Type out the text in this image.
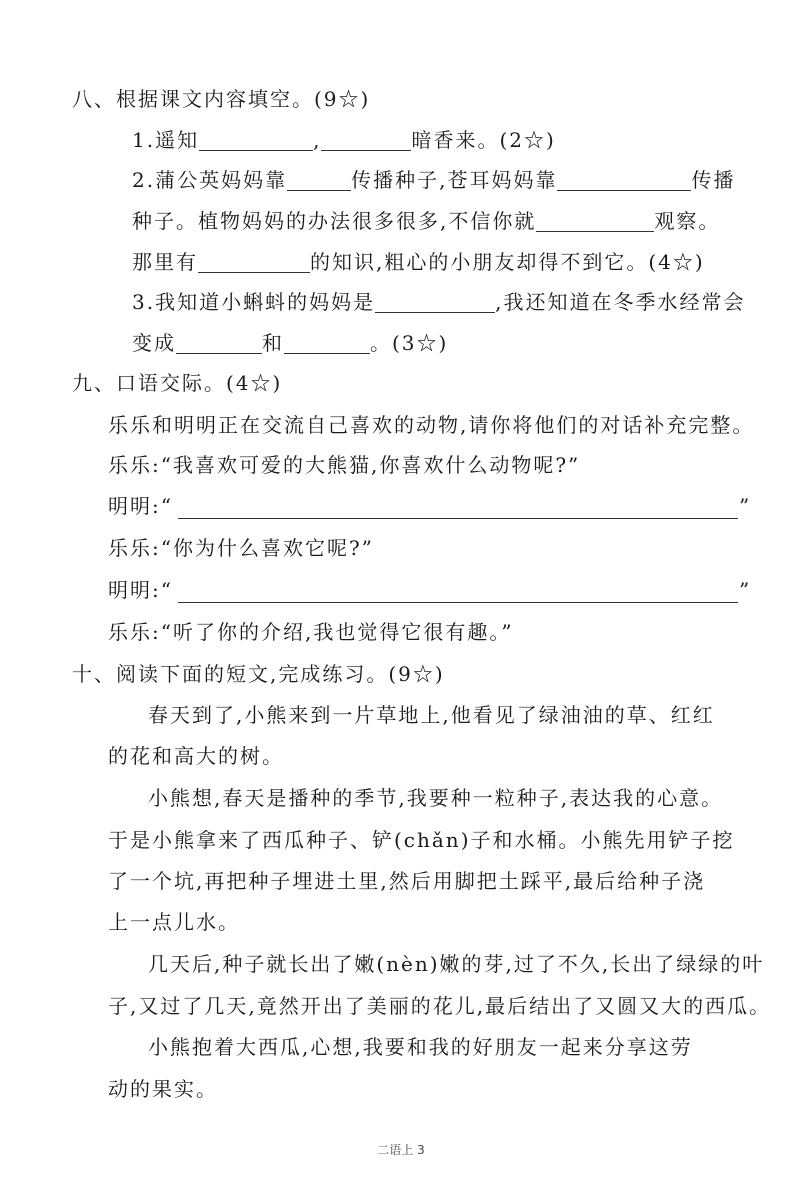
八、根据课文内容填空。(9☆)
1.遥知	,	暗香来。(2☆)
2.蒲公英妈妈靠	传播种子,苍耳妈妈靠	传播
种子。植物妈妈的办法很多很多,不信你就	观察。
那里有	的知识,粗心的小朋友却得不到它。(4☆)
3.我知道小蝌蚪的妈妈是	,我还知道在冬季水经常会
变成	和	。(3☆)
九、口语交际。(4☆)
乐乐和明明正在交流自己喜欢的动物,请你将他们的对话补充完整。
乐乐:“我喜欢可爱的大熊猫,你喜欢什么动物呢?”
明明:“	”
乐乐:“你为什么喜欢它呢?”
明明:“	”
乐乐:“听了你的介绍,我也觉得它很有趣。”
十、阅读下面的短文,完成练习。(9☆)
春天到了,小熊来到一片草地上,他看见了绿油油的草、红红
的花和高大的树。
小熊想,春天是播种的季节,我要种一粒种子,表达我的心意。
于是小熊拿来了西瓜种子、铲(chǎn)子和水桶。小熊先用铲子挖
了一个坑,再把种子埋进土里,然后用脚把土踩平,最后给种子浇
上一点儿水。
几天后,种子就长出了嫩(nèn)嫩的芽,过了不久,长出了绿绿的叶
子,又过了几天,竟然开出了美丽的花儿,最后结出了又圆又大的西瓜。
小熊抱着大西瓜,心想,我要和我的好朋友一起来分享这劳
动的果实。
二语上 3
